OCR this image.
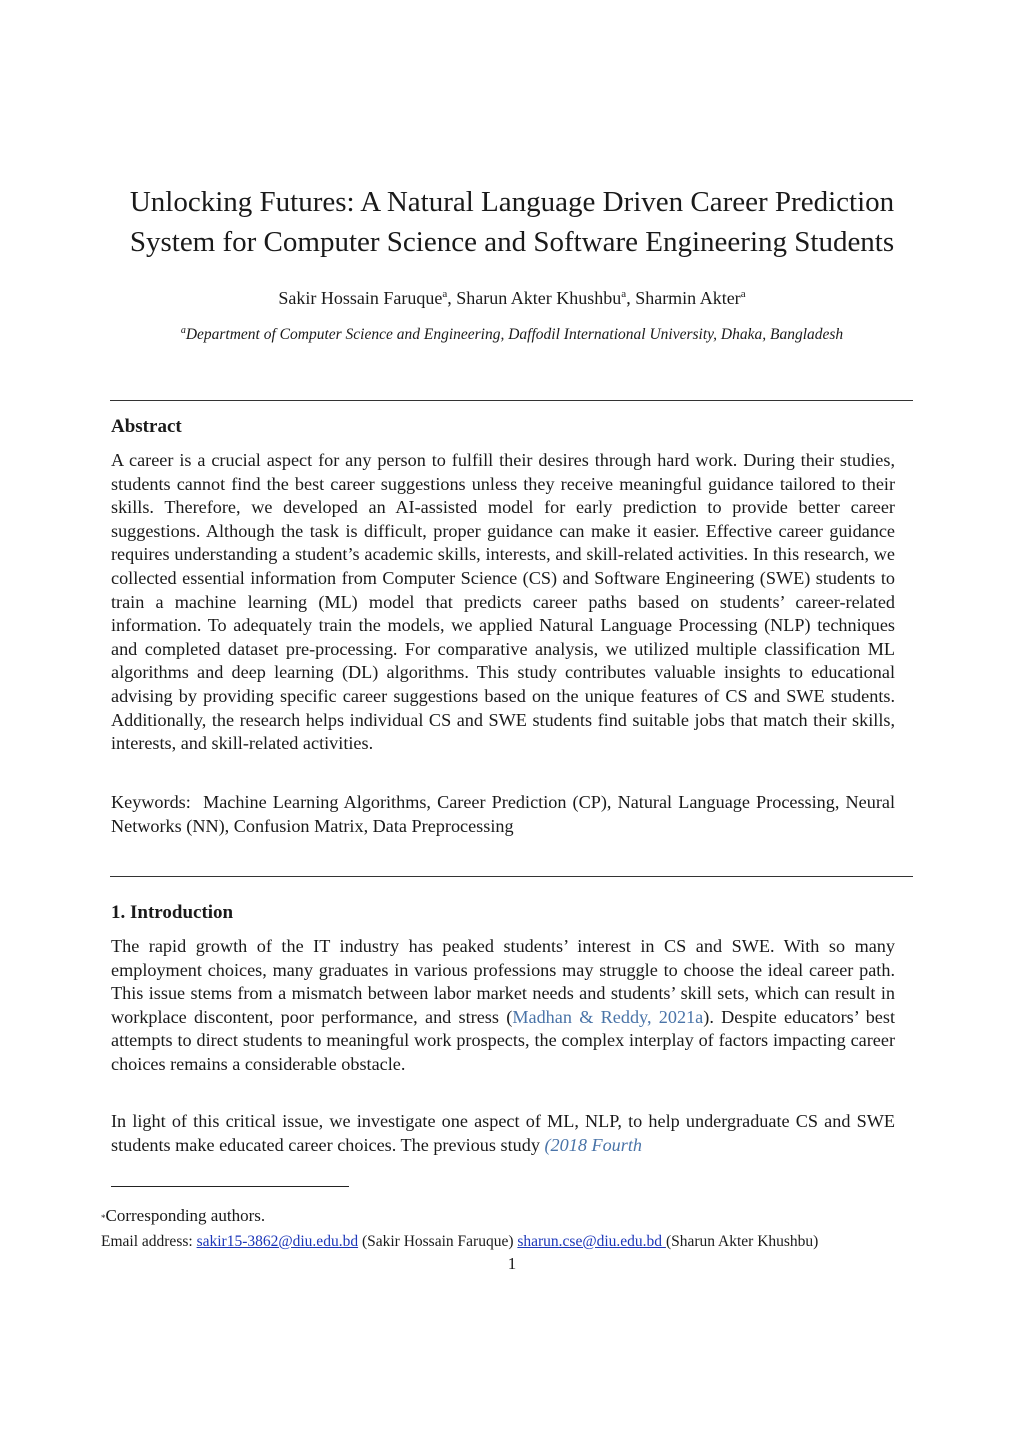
Unlocking Futures: A Natural Language Driven Career Prediction
System for Computer Science and Software Engineering Students
Sakir Hossain Faruque$^a$, Sharun Akter Khushbu$^a$, Sharmin Akter$^a$
$^a$Department of Computer Science and Engineering, Daffodil International University, Dhaka, Bangladesh
Abstract

A career is a crucial aspect for any person to fulfill their desires through hard work. During their studies, students cannot find the best career suggestions unless they receive meaningful guidance tailored to their skills. Therefore, we developed an AI-assisted model for early prediction to provide better career suggestions. Although the task is difficult, proper guidance can make it easier. Effective career guidance requires understanding a student’s academic skills, interests, and skill-related activities. In this research, we collected essential information from Computer Science (CS) and Software Engineering (SWE) students to train a machine learning (ML) model that predicts career paths based on students’ career-related information. To adequately train the models, we applied Natural Language Processing (NLP) techniques and completed dataset pre-processing. For comparative analysis, we utilized multiple classification ML algorithms and deep learning (DL) algorithms. This study contributes valuable insights to educational advising by providing specific career suggestions based on the unique features of CS and SWE students. Additionally, the research helps individual CS and SWE students find suitable jobs that match their skills, interests, and skill-related activities.

Keywords: Machine Learning Algorithms, Career Prediction (CP), Natural Language Processing, Neural Networks (NN), Confusion Matrix, Data Preprocessing

1. Introduction

The rapid growth of the IT industry has peaked students’ interest in CS and SWE. With so many employment choices, many graduates in various professions may struggle to choose the ideal career path. This issue stems from a mismatch between labor market needs and students’ skill sets, which can result in workplace discontent, poor performance, and stress (Madhan & Reddy, 2021a). Despite educators’ best attempts to direct students to meaningful work prospects, the complex interplay of factors impacting career choices remains a considerable obstacle.

In light of this critical issue, we investigate one aspect of ML, NLP, to help undergraduate CS and SWE students make educated career choices. The previous study (2018 Fourth

*Corresponding authors.
Email address: sakir15-3862@diu.edu.bd (Sakir Hossain Faruque) sharun.cse@diu.edu.bd (Sharun Akter Khushbu)
1
